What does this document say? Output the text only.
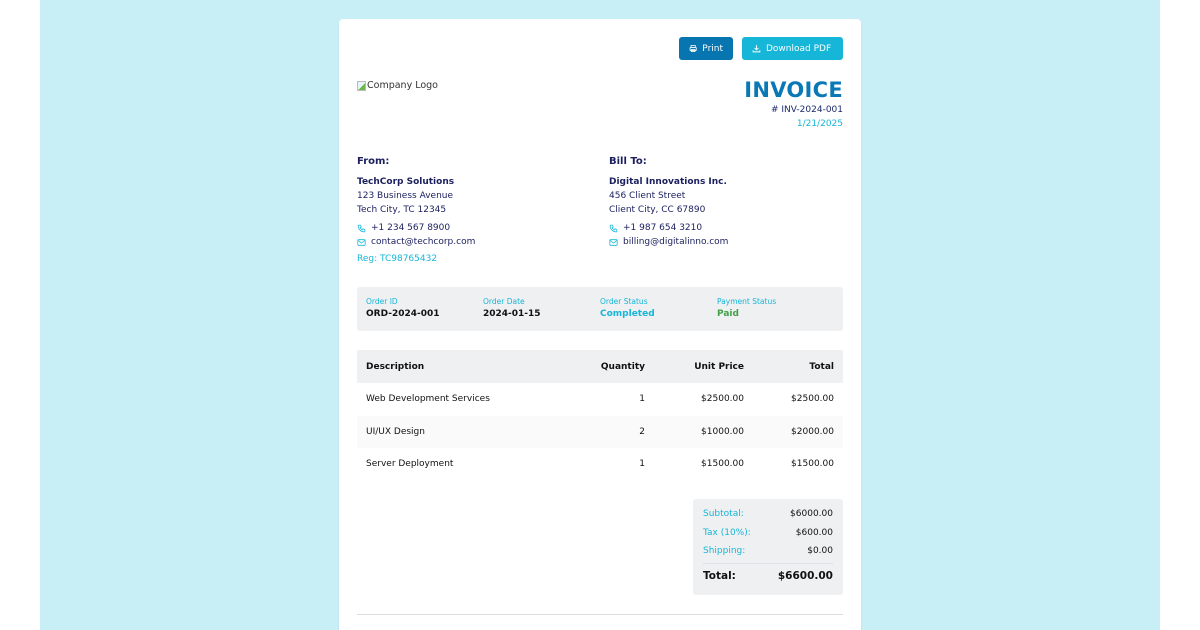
Print	Download PDF
Company Logo	INVOICE
# INV-2024-001
1/21/2025
From:
TechCorp Solutions
123 Business Avenue
Tech City, TC 12345
+1 234 567 8900
contact@techcorp.com
Reg: TC98765432
Bill To:
Digital Innovations Inc.
456 Client Street
Client City, CC 67890
+1 987 654 3210
billing@digitalinno.com
Order ID
ORD-2024-001
Order Date
2024-01-15
Order Status
Completed
Payment Status
Paid
Description	Quantity	Unit Price	Total
Web Development Services	1	$2500.00	$2500.00
UI/UX Design	2	$1000.00	$2000.00
Server Deployment	1	$1500.00	$1500.00
Subtotal:	$6000.00
Tax (10%):	$600.00
Shipping:	$0.00
Total:	$6600.00
